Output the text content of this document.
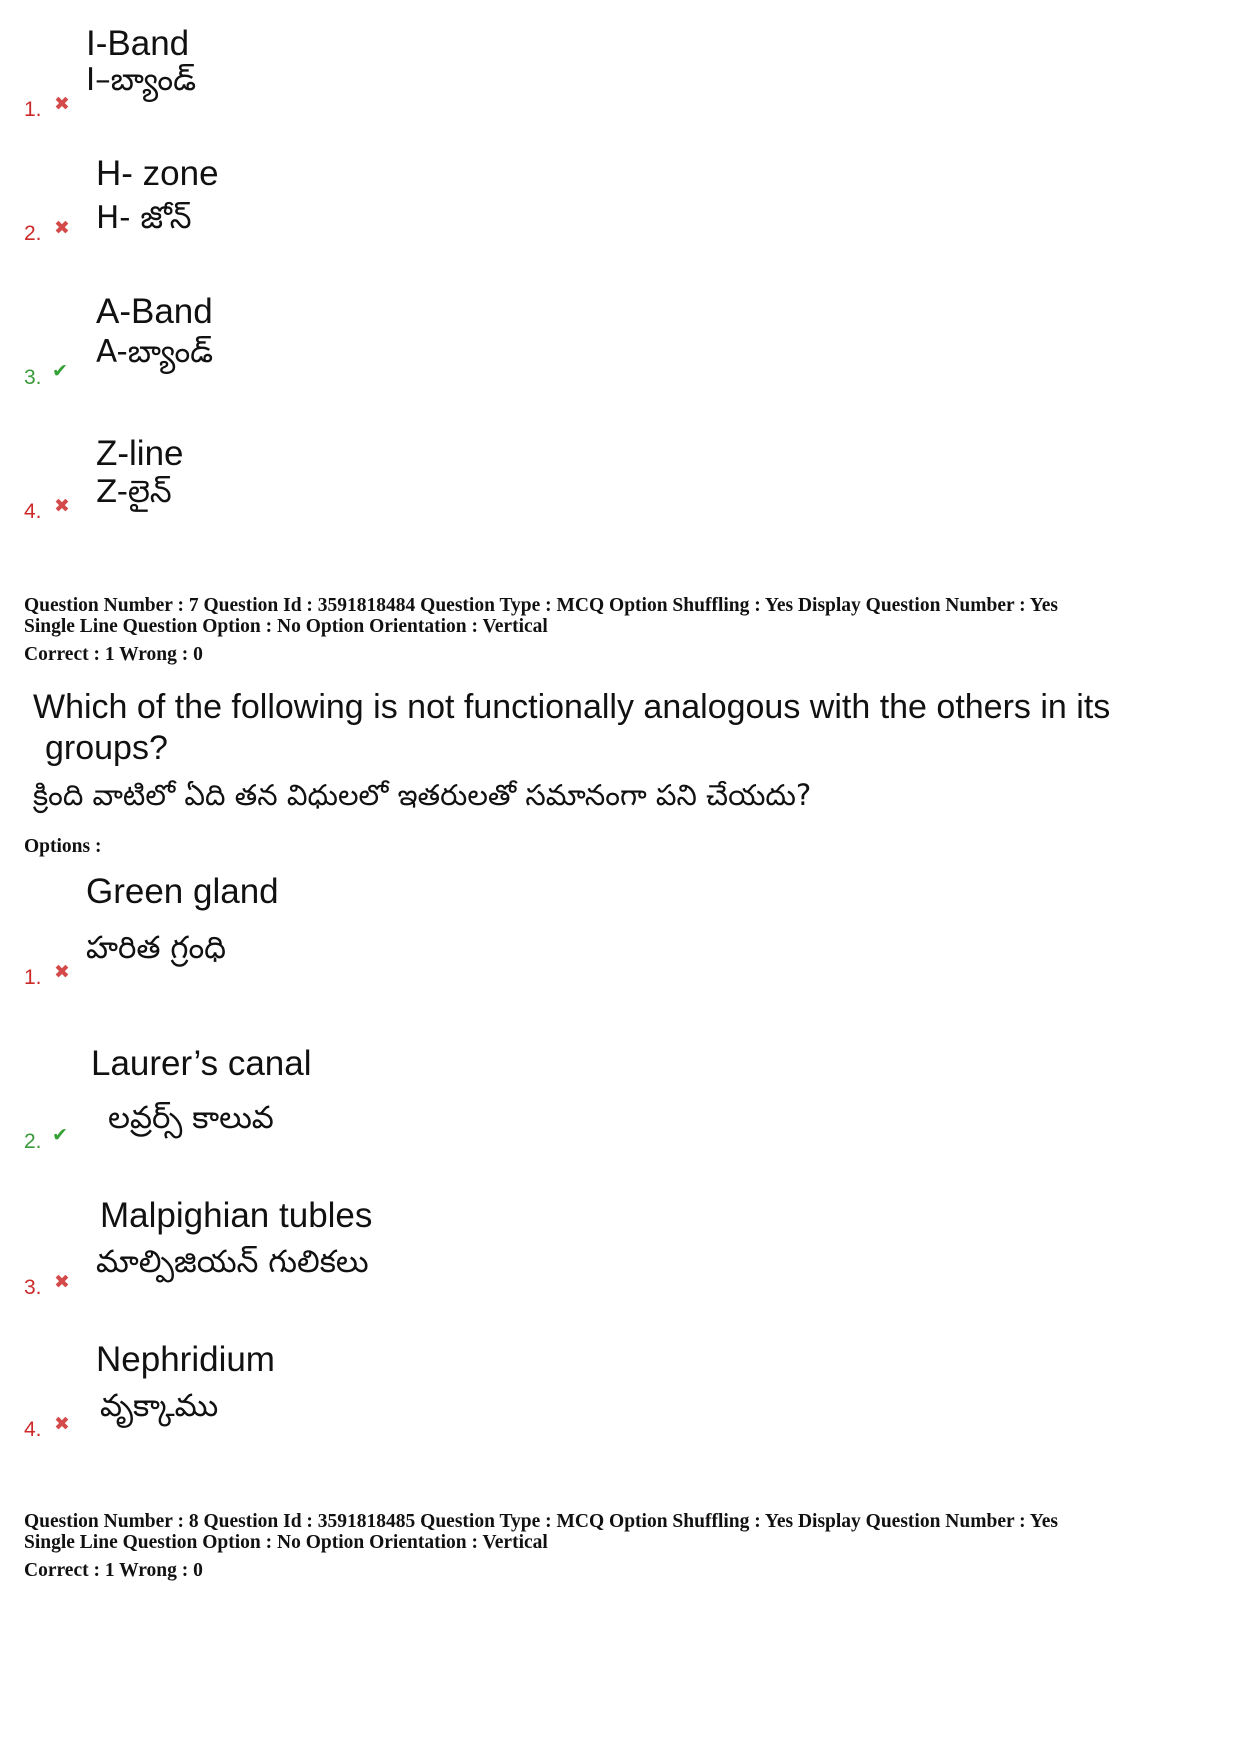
I-Band
I–బ్యాండ్
1. ✖
H- zone
H- జోన్
2. ✖
A-Band
A-బ్యాండ్
3. ✔
Z-line
Z-లైన్
4. ✖
Question Number : 7 Question Id : 3591818484 Question Type : MCQ Option Shuffling : Yes Display Question Number : Yes
Single Line Question Option : No Option Orientation : Vertical
Correct : 1 Wrong : 0
Which of the following is not functionally analogous with the others in its
groups?
క్రింది వాటిలో ఏది తన విధులలో ఇతరులతో సమానంగా పని చేయదు?
Options :
Green gland
హరిత గ్రంధి
1. ✖
Laurer’s canal
లవ్రర్స్ కాలువ
2. ✔
Malpighian tubles
మాల్పిజియన్ గులికలు
3. ✖
Nephridium
వృక్కాము
4. ✖
Question Number : 8 Question Id : 3591818485 Question Type : MCQ Option Shuffling : Yes Display Question Number : Yes
Single Line Question Option : No Option Orientation : Vertical
Correct : 1 Wrong : 0
